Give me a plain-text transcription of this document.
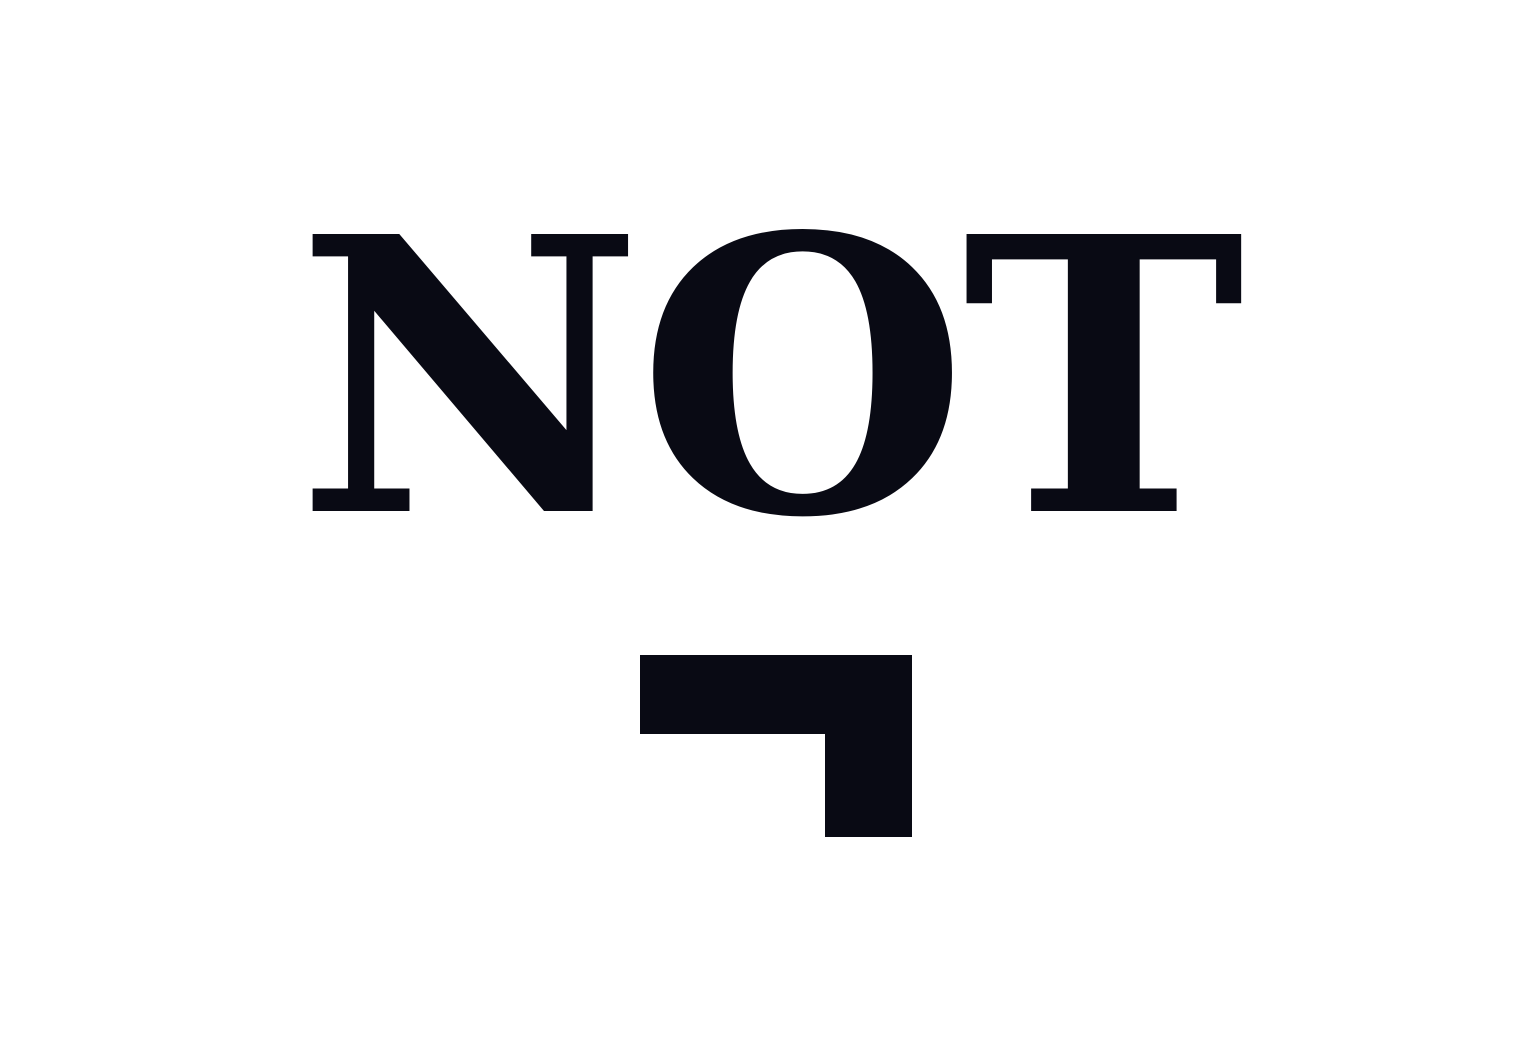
NOT
